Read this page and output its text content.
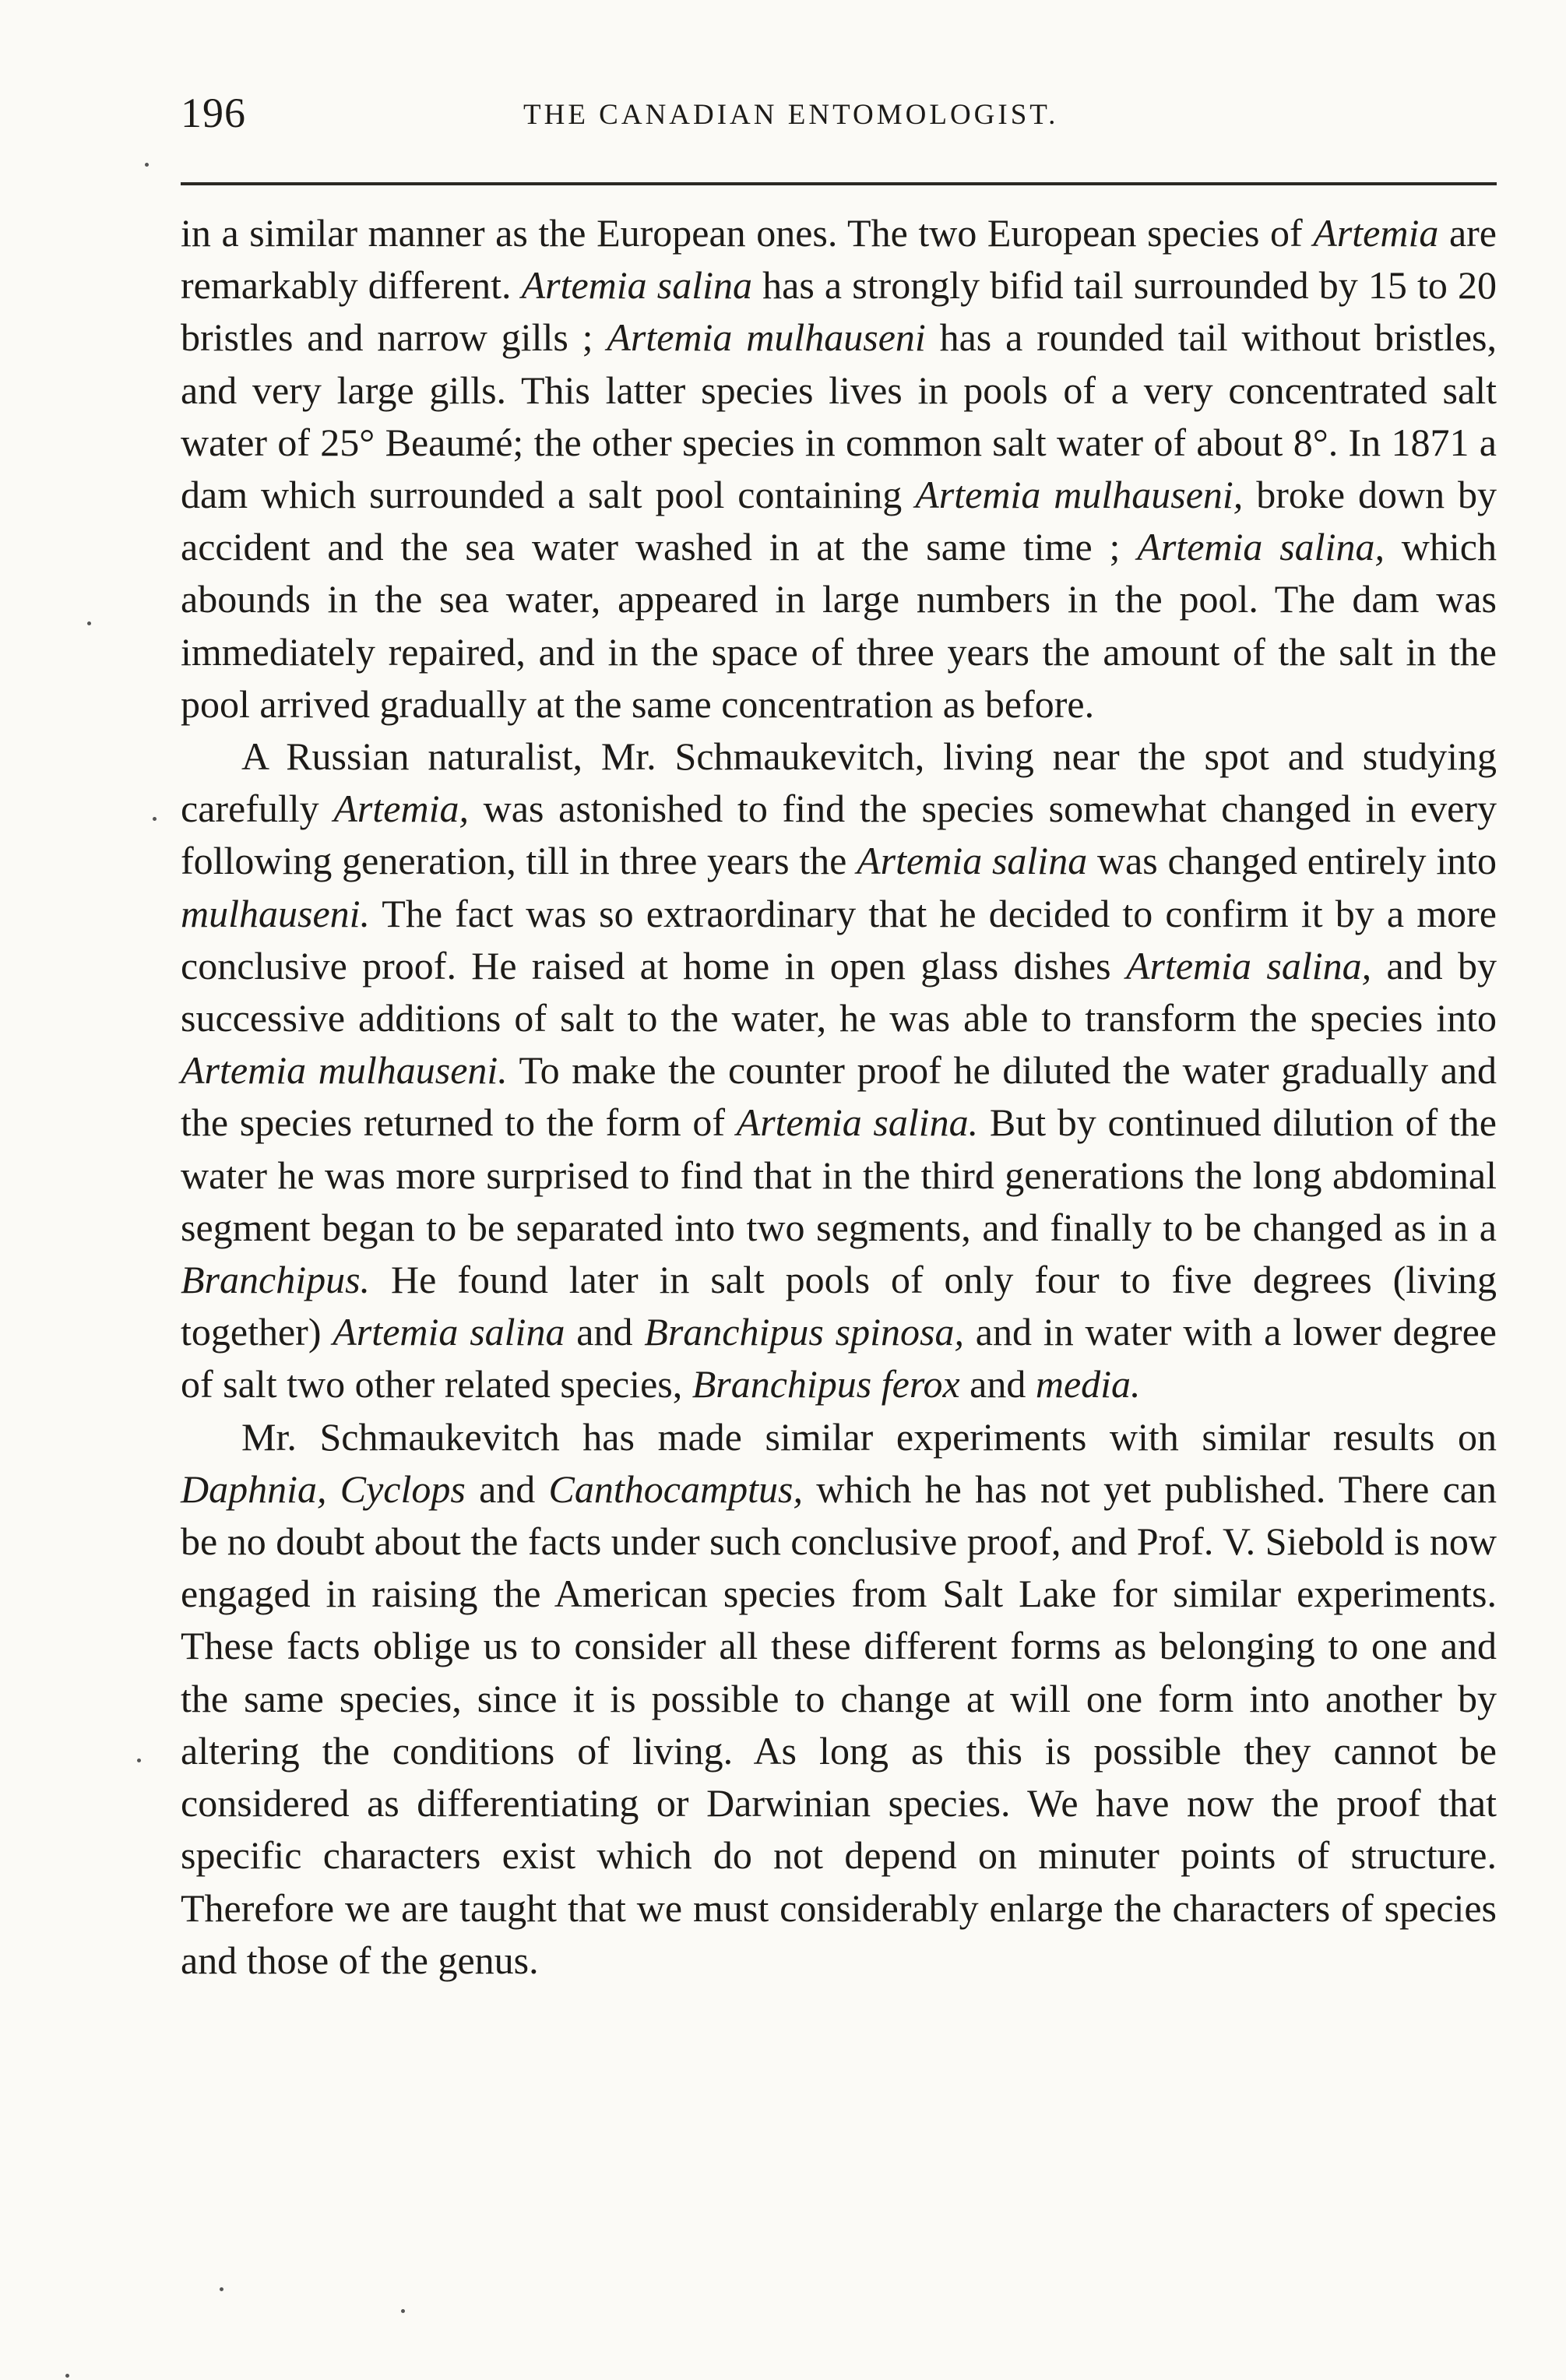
196	THE CANADIAN ENTOMOLOGIST.

in a similar manner as the European ones. The two European species of Artemia are remarkably different. Artemia salina has a strongly bifid tail surrounded by 15 to 20 bristles and narrow gills ; Artemia mulhauseni has a rounded tail without bristles, and very large gills. This latter species lives in pools of a very concentrated salt water of 25° Beaumé; the other species in common salt water of about 8°. In 1871 a dam which surrounded a salt pool containing Artemia mulhauseni, broke down by accident and the sea water washed in at the same time ; Artemia salina, which abounds in the sea water, appeared in large numbers in the pool. The dam was immediately repaired, and in the space of three years the amount of the salt in the pool arrived gradually at the same concentration as before.

A Russian naturalist, Mr. Schmaukevitch, living near the spot and studying carefully Artemia, was astonished to find the species somewhat changed in every following generation, till in three years the Artemia salina was changed entirely into mulhauseni. The fact was so extraordinary that he decided to confirm it by a more conclusive proof. He raised at home in open glass dishes Artemia salina, and by successive additions of salt to the water, he was able to transform the species into Artemia mulhauseni. To make the counter proof he diluted the water gradually and the species returned to the form of Artemia salina. But by continued dilution of the water he was more surprised to find that in the third generations the long abdominal segment began to be separated into two segments, and finally to be changed as in a Branchipus. He found later in salt pools of only four to five degrees (living together) Artemia salina and Branchipus spinosa, and in water with a lower degree of salt two other related species, Branchipus ferox and media.

Mr. Schmaukevitch has made similar experiments with similar results on Daphnia, Cyclops and Canthocamptus, which he has not yet published. There can be no doubt about the facts under such conclusive proof, and Prof. V. Siebold is now engaged in raising the American species from Salt Lake for similar experiments. These facts oblige us to consider all these different forms as belonging to one and the same species, since it is possible to change at will one form into another by altering the conditions of living. As long as this is possible they cannot be considered as differentiating or Darwinian species. We have now the proof that specific characters exist which do not depend on minuter points of structure. Therefore we are taught that we must considerably enlarge the characters of species and those of the genus.
